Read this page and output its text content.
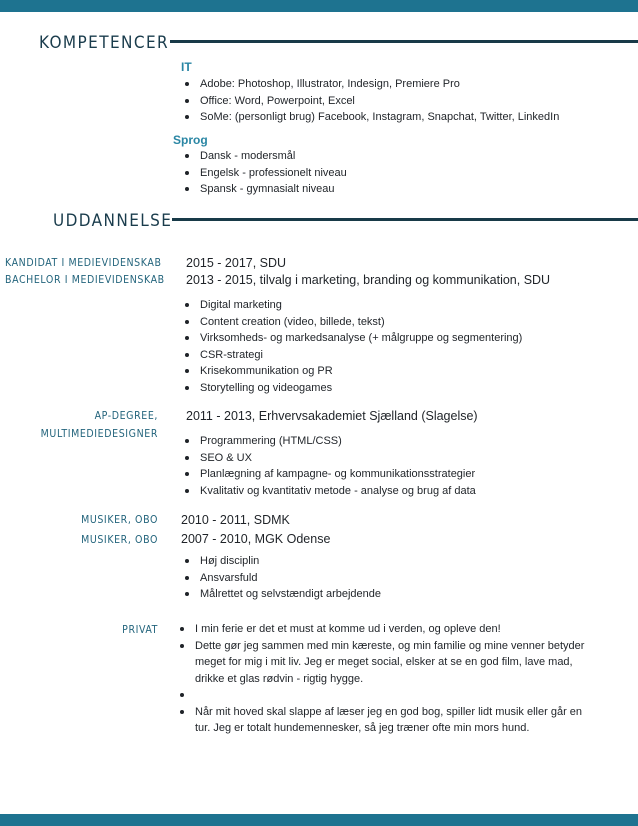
KOMPETENCER
IT
Adobe: Photoshop, Illustrator, Indesign, Premiere Pro
Office: Word, Powerpoint, Excel
SoMe: (personligt brug) Facebook, Instagram, Snapchat, Twitter, LinkedIn
Sprog
Dansk - modersmål
Engelsk - professionelt niveau
Spansk - gymnasialt niveau
UDDANNELSE
KANDIDAT I MEDIEVIDENSKAB 2015 - 2017, SDU
BACHELOR I MEDIEVIDENSKAB 2013 - 2015, tilvalg i marketing, branding og kommunikation, SDU
Digital marketing
Content creation (video, billede, tekst)
Virksomheds- og markedsanalyse (+ målgruppe og segmentering)
CSR-strategi
Krisekommunikation og PR
Storytelling og videogames
AP-DEGREE,
MULTIMEDIEDESIGNER
2011 - 2013, Erhvervsakademiet Sjælland (Slagelse)
Programmering (HTML/CSS)
SEO & UX
Planlægning af kampagne- og kommunikationsstrategier
Kvalitativ og kvantitativ metode - analyse og brug af data
MUSIKER, OBO 2010 - 2011, SDMK
MUSIKER, OBO 2007 - 2010, MGK Odense
Høj disciplin
Ansvarsfuld
Målrettet og selvstændigt arbejdende
PRIVAT	I min ferie er det et must at komme ud i verden, og opleve den!
Dette gør jeg sammen med min kæreste, og min familie og mine venner betyder meget for mig i mit liv. Jeg er meget social, elsker at se en god film, lave mad, drikke et glas rødvin - rigtig hygge.
Når mit hoved skal slappe af læser jeg en god bog, spiller lidt musik eller går en tur. Jeg er totalt hundemennesker, så jeg træner ofte min mors hund.
